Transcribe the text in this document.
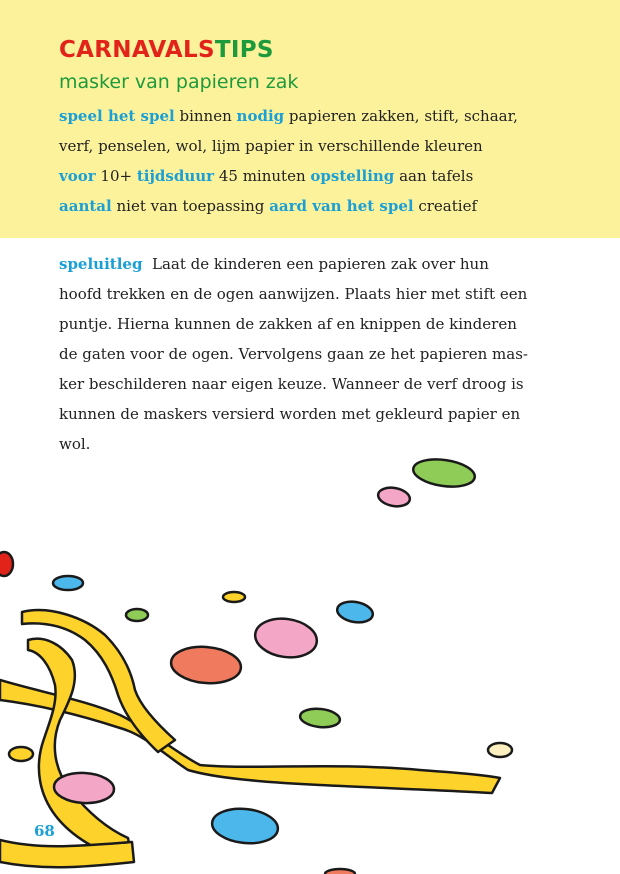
CARNAVALSTIPS
masker van papieren zak
speel het spel binnen nodig papieren zakken, stift, schaar,
verf, penselen, wol, lijm papier in verschillende kleuren
voor 10+ tijdsduur 45 minuten opstelling aan tafels
aantal niet van toepassing aard van het spel creatief
speluitleg Laat de kinderen een papieren zak over hun
hoofd trekken en de ogen aanwijzen. Plaats hier met stift een
puntje. Hierna kunnen de zakken af en knippen de kinderen
de gaten voor de ogen. Vervolgens gaan ze het papieren mas-
ker beschilderen naar eigen keuze. Wanneer de verf droog is
kunnen de maskers versierd worden met gekleurd papier en
wol.
68
